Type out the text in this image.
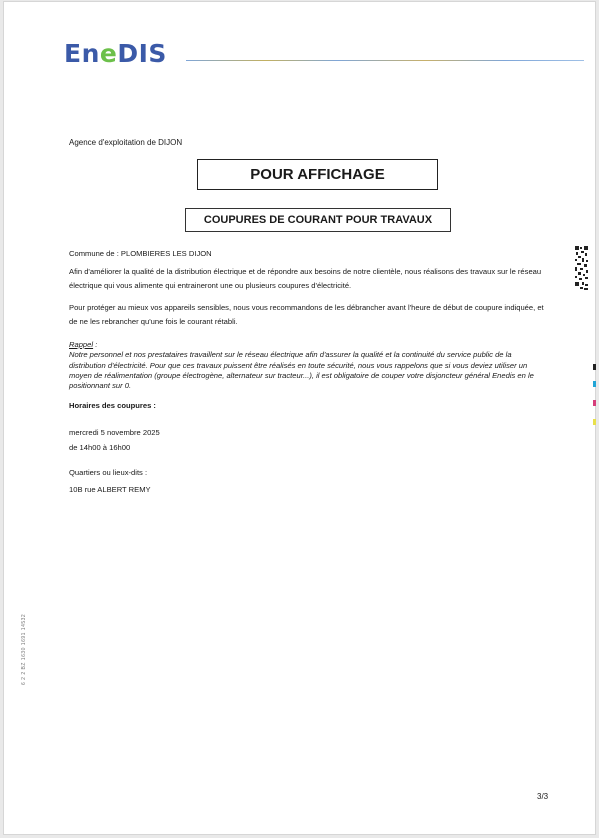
EneDIS
Agence d'exploitation de DIJON
POUR AFFICHAGE
COUPURES DE COURANT POUR TRAVAUX
Commune de : PLOMBIERES LES DIJON
Afin d'améliorer la qualité de la distribution électrique et de répondre aux besoins de notre clientèle, nous réalisons des travaux sur le réseau électrique qui vous alimente qui entraineront une ou plusieurs coupures d'électricité.
Pour protéger au mieux vos appareils sensibles, nous vous recommandons de les débrancher avant l'heure de début de coupure indiquée, et de ne les rebrancher qu'une fois le courant rétabli.
Rappel :
Notre personnel et nos prestataires travaillent sur le réseau électrique afin d'assurer la qualité et la continuité du service public de la distribution d'électricité. Pour que ces travaux puissent être réalisés en toute sécurité, nous vous rappelons que si vous deviez utiliser un moyen de réalimentation (groupe électrogène, alternateur sur tracteur...), il est obligatoire de couper votre disjoncteur général Enedis en le positionnant sur 0.
Horaires des coupures :
mercredi 5 novembre 2025
de 14h00 à 16h00
Quartiers ou lieux-dits :
10B rue ALBERT REMY
3/3
6 2 2 BZ 1630 1691 14532
